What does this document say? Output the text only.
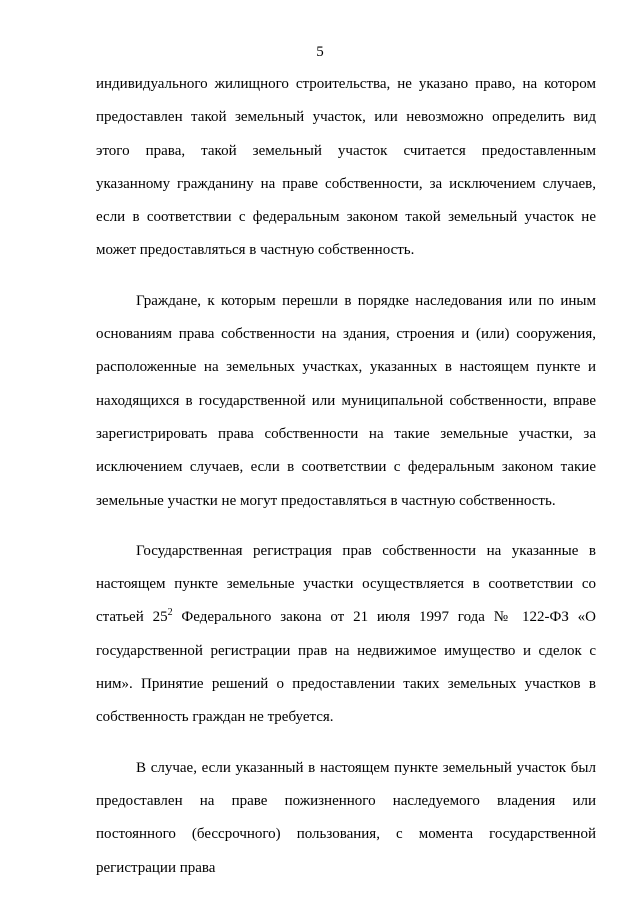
5

индивидуального жилищного строительства, не указано право, на котором предоставлен такой земельный участок, или невозможно определить вид этого права, такой земельный участок считается предоставленным указанному гражданину на праве собственности, за исключением случаев, если в соответствии с федеральным законом такой земельный участок не может предоставляться в частную собственность.

Граждане, к которым перешли в порядке наследования или по иным основаниям права собственности на здания, строения и (или) сооружения, расположенные на земельных участках, указанных в настоящем пункте и находящихся в государственной или муниципальной собственности, вправе зарегистрировать права собственности на такие земельные участки, за исключением случаев, если в соответствии с федеральным законом такие земельные участки не могут предоставляться в частную собственность.

Государственная регистрация прав собственности на указанные в настоящем пункте земельные участки осуществляется в соответствии со статьей $25^2$ Федерального закона от 21 июля 1997 года № 122-ФЗ «О государственной регистрации прав на недвижимое имущество и сделок с ним». Принятие решений о предоставлении таких земельных участков в собственность граждан не требуется.

В случае, если указанный в настоящем пункте земельный участок был предоставлен на праве пожизненного наследуемого владения или постоянного (бессрочного) пользования, с момента государственной регистрации права
